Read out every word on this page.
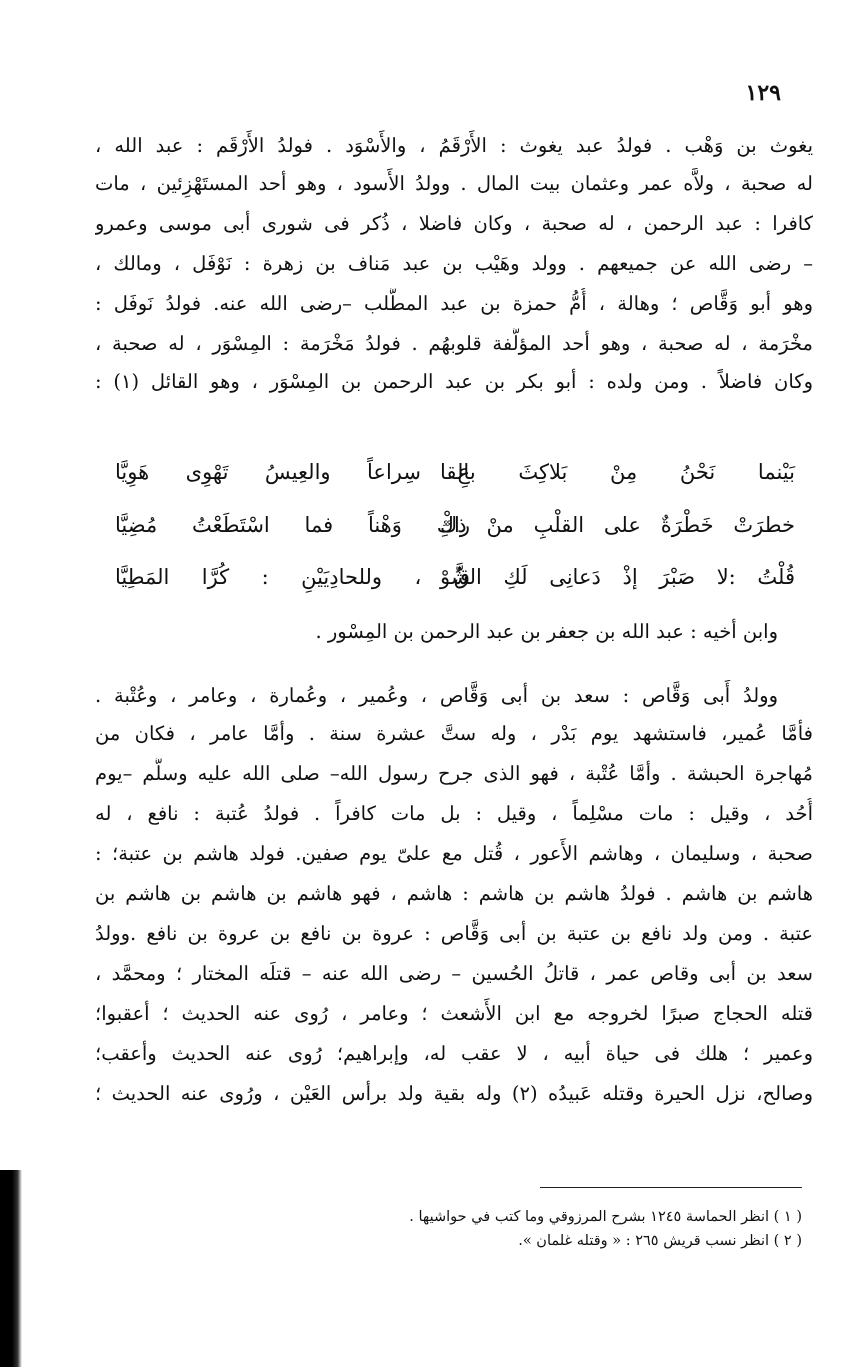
١٢٩
يغوث بن وَهْب . فولدُ عبد يغوث : الأَرْقَمُ ، والأَسْوَد . فولدُ الأَرْقَم : عبد الله ،
له صحبة ، ولاَّه عمر وعثمان بيت المال . وولدُ الأَسود ، وهو أحد المستَهْزِئين ، مات
كافرا : عبد الرحمن ، له صحبة ، وكان فاضلا ، ذُكر فى شورى أبى موسى وعمرو
– رضى الله عن جميعهم . وولد وهَيْب بن عبد مَناف بن زهرة : نَوْفَل ، ومالك ،
وهو أبو وَقَّاص ؛ وهالة ، أُمُّ حمزة بن عبد المطَّلب –رضى الله عنه. فولدُ نَوفَل :
مخْرَمة ، له صحبة ، وهو أحد المؤلَّفة قلوبهُم . فولدُ مَخْرَمة : المِسْوَر ، له صحبة ،
وكان فاضلاً . ومن ولده : أبو بكر بن عبد الرحمن بن المِسْوَر ، وهو القائل (١) :
بَيْنما نَحْنُ مِنْ بَلاكِثَ بالقا
عِ سِراعاً والعِيسُ تَهْوِى هَوِيَّا
خطرَتْ خَطْرَةٌ على القلْبِ منْ ذكْ
راكِ وَهْناً فما اسْتَطَعْتُ مُضِيَّا
قُلْتُ :لا صَبْرَ إذْ دَعانِى لَكِ الشَّوْ
قُ ، وللحادِيَيْنِ : كُرَّا المَطِيَّا
وابن أخيه : عبد الله بن جعفر بن عبد الرحمن بن المِسْور .
وولدُ أَبى وَقَّاص : سعد بن أبى وَقَّاص ، وعُمير ، وعُمارة ، وعامر ، وعُتْبة .
فأمَّا عُمير، فاستشهد يوم بَدْر ، وله ستَّ عشرة سنة . وأمَّا عامر ، فكان من
مُهاجرة الحبشة . وأمَّا عُتْبة ، فهو الذى جرح رسول الله– صلى الله عليه وسلَّم –يوم
أُحُد ، وقيل : مات مسْلِماً ، وقيل : بل مات كافراً . فولدُ عُتبة : نافع ، له
صحبة ، وسليمان ، وهاشم الأَعور ، قُتل مع علىّ يوم صفين. فولد هاشم بن عتبة؛ :
هاشم بن هاشم . فولدُ هاشم بن هاشم : هاشم ، فهو هاشم بن هاشم بن هاشم بن
عتبة . ومن ولد نافع بن عتبة بن أبى وَقَّاص : عروة بن نافع بن عروة بن نافع .وولدُ
سعد بن أبى وقاص عمر ، قاتلُ الحُسين – رضى الله عنه – قتلَه المختار ؛ ومحمَّد ،
قتله الحجاج صبرًا لخروجه مع ابن الأَشعث ؛ وعامر ، رُوى عنه الحديث ؛ أعقبوا؛
وعمير ؛ هلك فى حياة أبيه ، لا عقب له، وإبراهيم؛ رُوى عنه الحديث وأعقب؛
وصالح، نزل الحيرة وقتله عَبيدُه (٢) وله بقية ولد برأس العَيْن ، ورُوى عنه الحديث ؛
( ١ ) انظر الحماسة ١٢٤٥ بشرح المرزوقي وما كتب في حواشيها .
( ٢ ) انظر نسب قريش ٢٦٥ : « وقتله غلمان ».
